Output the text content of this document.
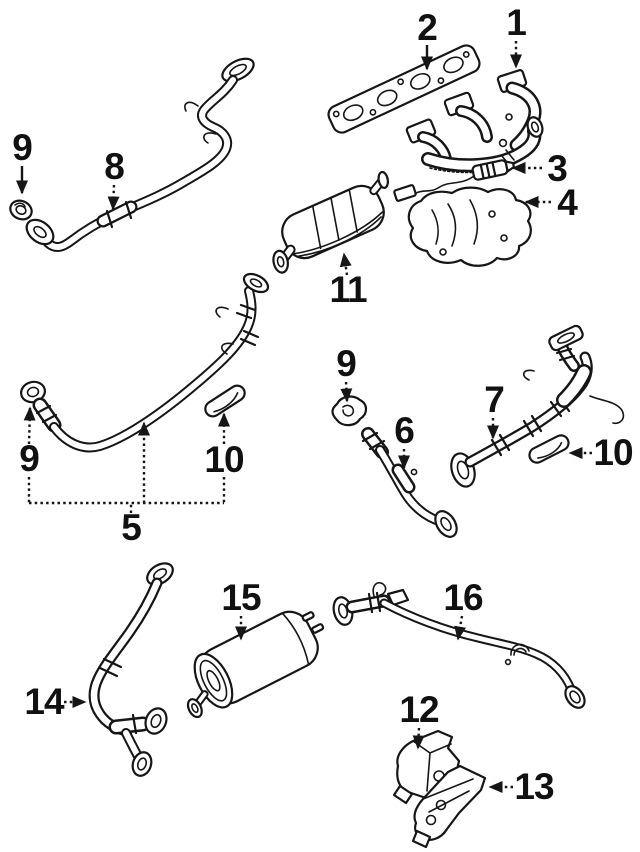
1
2
3
4
8
9
11
9	10
5
9
6
7
10
14
15	16
12
13
